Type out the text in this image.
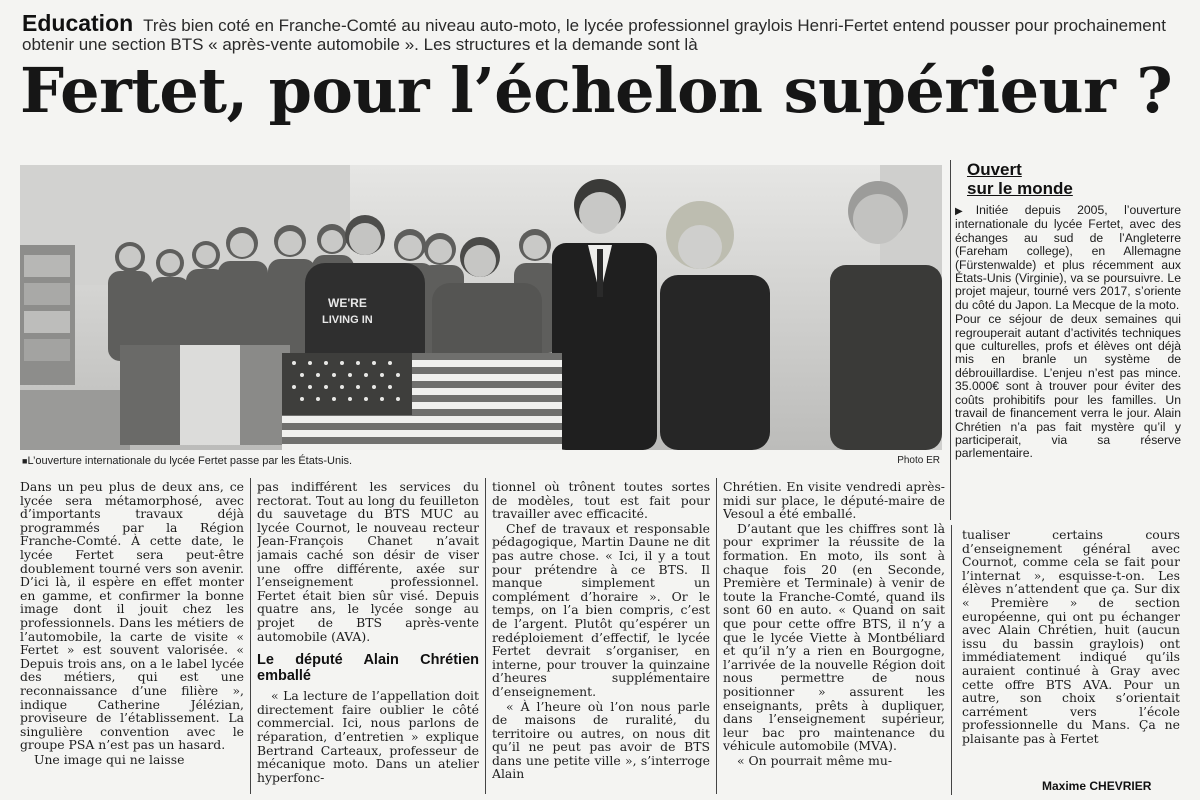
Education Très bien coté en Franche-Comté au niveau auto-moto, le lycée professionnel graylois Henri-Fertet entend pousser pour prochainement obtenir une section BTS « après-vente automobile ». Les structures et la demande sont là
Fertet, pour l’échelon supérieur ?
WE'RE
LIVING IN
■ L’ouverture internationale du lycée Fertet passe par les États-Unis.	Photo ER

Dans un peu plus de deux ans, ce lycée sera métamorphosé, avec d’importants travaux déjà programmés par la Région Franche-Comté. À cette date, le lycée Fertet sera peut-être doublement tourné vers son avenir. D’ici là, il espère en effet monter en gamme, et confirmer la bonne image dont il jouit chez les professionnels. Dans les métiers de l’automobile, la carte de visite « Fertet » est souvent valorisée. « Depuis trois ans, on a le label lycée des métiers, qui est une reconnaissance d’une filière », indique Catherine Jélézian, proviseure de l’établissement. La singulière convention avec le groupe PSA n’est pas un hasard.

Une image qui ne laisse

pas indifférent les services du rectorat. Tout au long du feuilleton du sauvetage du BTS MUC au lycée Cournot, le nouveau recteur Jean-François Chanet n’avait jamais caché son désir de viser une offre différente, axée sur l’enseignement professionnel. Fertet était bien sûr visé. Depuis quatre ans, le lycée songe au projet de BTS après-vente automobile (AVA).

Le député Alain Chrétien emballé

« La lecture de l’appellation doit directement faire oublier le côté commercial. Ici, nous parlons de réparation, d’entretien » explique Bertrand Carteaux, professeur de mécanique moto. Dans un atelier hyperfonc-

tionnel où trônent toutes sortes de modèles, tout est fait pour travailler avec efficacité.

Chef de travaux et responsable pédagogique, Martin Daune ne dit pas autre chose. « Ici, il y a tout pour prétendre à ce BTS. Il manque simplement un complément d’horaire ». Or le temps, on l’a bien compris, c’est de l’argent. Plutôt qu’espérer un redéploiement d’effectif, le lycée Fertet devrait s’organiser, en interne, pour trouver la quinzaine d’heures supplémentaire d’enseignement.

« À l’heure où l’on nous parle de maisons de ruralité, du territoire ou autres, on nous dit qu’il ne peut pas avoir de BTS dans une petite ville », s’interroge Alain

Chrétien. En visite vendredi après-midi sur place, le député-maire de Vesoul a été emballé.

D’autant que les chiffres sont là pour exprimer la réussite de la formation. En moto, ils sont à chaque fois 20 (en Seconde, Première et Terminale) à venir de toute la Franche-Comté, quand ils sont 60 en auto. « Quand on sait que pour cette offre BTS, il n’y a que le lycée Viette à Montbéliard et qu’il n’y a rien en Bourgogne, l’arrivée de la nouvelle Région doit nous permettre de nous positionner » assurent les enseignants, prêts à dupliquer, dans l’enseignement supérieur, leur bac pro maintenance du véhicule automobile (MVA).

« On pourrait même mu-

Ouvert
sur le monde

▶ Initiée depuis 2005, l’ouverture internationale du lycée Fertet, avec des échanges au sud de l’Angleterre (Fareham college), en Allemagne (Fürstenwalde) et plus récemment aux États-Unis (Virginie), va se poursuivre. Le projet majeur, tourné vers 2017, s’oriente du côté du Japon. La Mecque de la moto.

Pour ce séjour de deux semaines qui regrouperait autant d’activités techniques que culturelles, profs et élèves ont déjà mis en branle un système de débrouillardise. L’enjeu n’est pas mince. 35.000€ sont à trouver pour éviter des coûts prohibitifs pour les familles. Un travail de financement verra le jour. Alain Chrétien n’a pas fait mystère qu’il y participerait, via sa réserve parlementaire.

tualiser certains cours d’enseignement général avec Cournot, comme cela se fait pour l’internat », esquisse-t-on. Les élèves n’attendent que ça. Sur dix « Première » de section européenne, qui ont pu échanger avec Alain Chrétien, huit (aucun issu du bassin graylois) ont immédiatement indiqué qu’ils auraient continué à Gray avec cette offre BTS AVA. Pour un autre, son choix s’orientait carrément vers l’école professionnelle du Mans. Ça ne plaisante pas à Fertet

Maxime CHEVRIER
